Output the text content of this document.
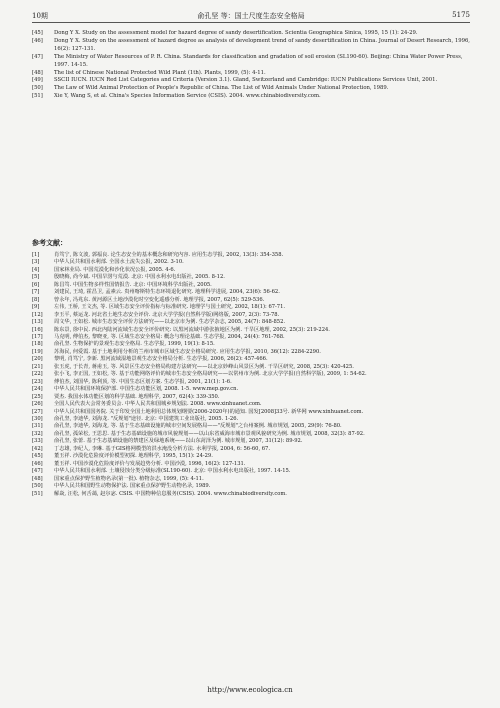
10期	俞孔坚 等：国土尺度生态安全格局	5175
[45]	Dong Y X. Study on the assessment model for hazard degree of sandy desertification. Scientia Geographica Sinica, 1995, 15 (1): 24-29.
[46]	Dong Y X. Study on the assessment of hazard degree as analysis of development trend of sandy desertification in China. Journal of Desert Research, 1996, 16(2): 127-131.
[47]	The Ministry of Water Resources of P. R. China. Standards for classification and gradation of soil erosion (SL190-60). Beijing: China Water Power Press, 1997. 14-15.
[48]	The list of Chinese National Protected Wild Plant (1th). Plants, 1999, (5): 4-11.
[49]	SSCII IUCN. IUCN Red List Categories and Criteria (Version 3.1). Gland, Switzerland and Cambridge: IUCN Publications Services Unit, 2001.
[50]	The Law of Wild Animal Protection of People's Republic of China. The List of Wild Animals Under National Protection, 1989.
[51]	Xie Y, Wang S, et al. China's Species Information Service (CSIS). 2004. www.chinabiodiversity.com.
参考文献：
[1]	肖笃宁, 陈文波, 郭福良. 论生态安全的基本概念和研究内容. 应用生态学报, 2002, 13(3): 354-358.
[3]	中华人民共和国水利部. 全国水土流失公报, 2002. 3-10.
[4]	国家林业局. 中国荒漠化和沙化状况公报, 2005. 4-6.
[5]	殷晓梅, 尚今斌. 中国旱涝与荒漠. 北京: 中国水利水电出版社, 2005. 8-12.
[6]	陈昌笃. 中国生物多样性国情报告. 北京: 中国环境科学出版社, 2005.
[7]	刘建民, 王琦, 霍昌卫, 孟素云. 贵州喀斯特生态环境退化研究. 地理科学进展, 2004, 23(6): 56-62.
[8]	曾永年, 冯兆东. 黄河源区土地沙漠化时空变化遥感分析. 地理学报, 2007, 62(5): 529-536.
[9]	左伟, 王桥, 王文杰, 等. 区域生态安全评价指标与标准研究. 地理学与国土研究, 2002, 18(1): 67-71.
[12]	李玉平, 蔡运龙. 河北省土地生态安全评价. 北京大学学报(自然科学版)网络版, 2007, 2(3): 73-78.
[13]	周文华, 王如松. 城市生态安全评价方法研究——以北京市为例. 生态学杂志, 2005, 24(7): 848-852.
[16]	陈东景, 徐中民. 西北内陆河流域生态安全评价研究: 以黑河流域中游张掖地区为例. 干旱区地理, 2002, 25(3): 219-224.
[17]	马克明, 傅伯杰, 黎晓亚, 等. 区域生态安全格局: 概念与理论基础. 生态学报, 2004, 24(4): 761-768.
[18]	俞孔坚. 生物保护的景观生态安全格局. 生态学报, 1999, 19(1): 8-15.
[19]	苏海民, 何爱霞. 基于土地利用分析的兰州市城市区域生态安全格局研究. 应用生态学报, 2010, 36(12): 2284-2290.
[20]	黎明, 肖笃宁, 李新. 黑河流域湿地景观生态安全格局分析. 生态学报, 2006, 26(2): 457-466.
[21]	张玉虎, 于长青, 蒋甫玉, 等. 风景区生态安全格局构建方法研究——以北京妙峰山风景区为例. 干旱区研究, 2008, 25(3): 420-425.
[22]	张小飞, 李正国, 王如松, 等. 基于功能网络评价的城市生态安全格局研究——以常州市为例. 北京大学学报(自然科学版), 2009, 1: 54-62.
[23]	傅伯杰, 刘国华, 陈利顶, 等. 中国生态区划方案. 生态学报, 2001, 21(1): 1-6.
[24]	中华人民共和国环境保护部. 中国生态功能区划, 2008. 1-5. www.mep.gov.cn.
[25]	贾杰. 我国水体功能区划的科学基础. 地理科学, 2007, 62(4): 339-350.
[26]	全国人民代表大会常务委员会. 中华人民共和国城乡规划法. 2008. www.xinhuanet.com.
[27]	中华人民共和国国务院. 关于印发全国土地利用总体规划纲要(2006-2020年)的通知. 国发[2008]33号. 新华网 www.xinhuanet.com.
[30]	俞孔坚, 李迪华, 刘海龙. "反规划"途径. 北京: 中国建筑工业出版社, 2005. 1-26.
[31]	俞孔坚, 李迪华, 刘海龙, 等. 基于生态基础设施的城市空间发展格局——"反规划"之台州案例. 城市规划, 2005, 29(9): 76-80.
[32]	俞孔坚, 孤荣松, 王思思. 基于生态基础设施的城市风貌规划——以山东省威海市城市景观风貌研究为例. 城市规划, 2008, 32(3): 87-92.
[33]	俞孔坚, 张蕾. 基于生态基础设施的禁建区及绿地系统——以山东菏泽为例. 城市规划, 2007, 31(12): 89-92.
[42]	丁志雄, 李纪人, 李琳. 基于GIS格网模型的洪水淹没分析方法. 水利学报, 2004, 6: 56-60, 67.
[45]	董玉祥. 沙漠化危险度评价模型初探. 地理科学, 1995, 15(1): 24-29.
[46]	董玉祥. 中国沙漠化危险度评价与发展趋势分析. 中国沙漠, 1996, 16(2): 127-131.
[47]	中华人民共和国水利部. 土壤侵蚀分类分级标准(SL190-60). 北京: 中国水利水电出版社, 1997. 14-15.
[48]	国家重点保护野生植物名录(第一批). 植物杂志, 1999, (5): 4-11.
[50]	中华人民共和国野生动物保护法. 国家重点保护野生动物名录, 1989.
[51]	解焱, 汪松, 何舌蔼, 赵尔宓. CSIS. 中国物种信息服务(CSIS). 2004. www.chinabiodiversity.com.
http://www.ecologica.cn
